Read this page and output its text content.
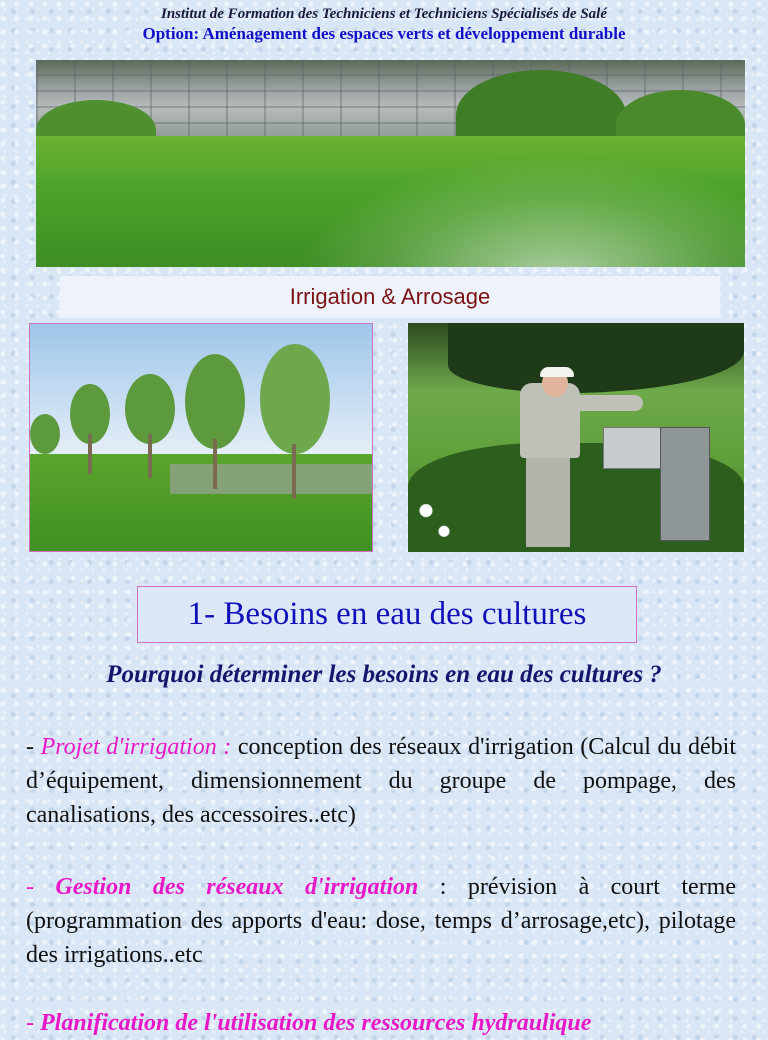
Institut de Formation des Techniciens et Techniciens Spécialisés de Salé
Option: Aménagement des espaces verts et développement durable
Irrigation & Arrosage
1- Besoins en eau des cultures
Pourquoi déterminer les besoins en eau des cultures ?
- Projet d'irrigation : conception des réseaux d'irrigation (Calcul du débit d’équipement, dimensionnement du groupe de pompage, des canalisations, des accessoires..etc)
- Gestion des réseaux d'irrigation : prévision à court terme (programmation des apports d'eau: dose, temps d’arrosage,etc), pilotage des irrigations..etc
- Planification de l'utilisation des ressources hydraulique
